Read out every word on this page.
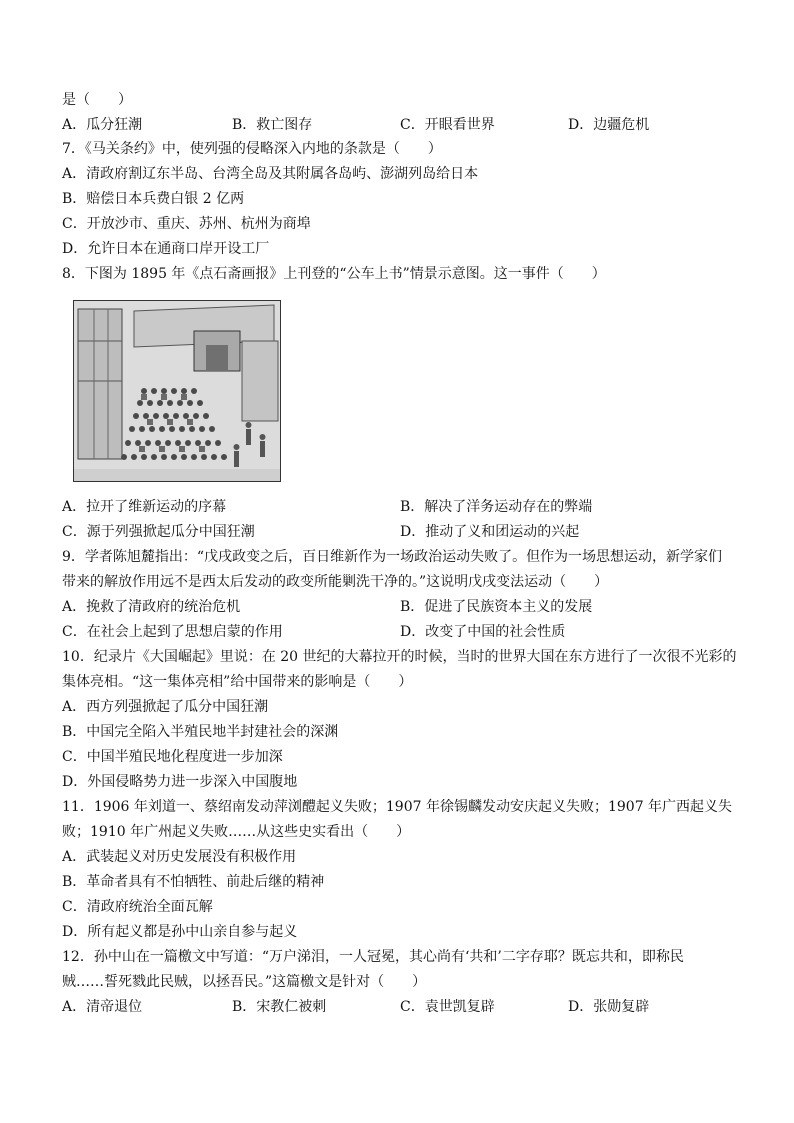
是（　　）
A．瓜分狂潮	B．救亡图存	C．开眼看世界	D．边疆危机
7．《马关条约》中，使列强的侵略深入内地的条款是（　　）
A．清政府割辽东半岛、台湾全岛及其附属各岛屿、澎湖列岛给日本
B．赔偿日本兵费白银 2 亿两
C．开放沙市、重庆、苏州、杭州为商埠
D．允许日本在通商口岸开设工厂
8．下图为 1895 年《点石斋画报》上刊登的“公车上书”情景示意图。这一事件（　　）
A．拉开了维新运动的序幕	B．解决了洋务运动存在的弊端
C．源于列强掀起瓜分中国狂潮	D．推动了义和团运动的兴起
9．学者陈旭麓指出：“戊戌政变之后，百日维新作为一场政治运动失败了。但作为一场思想运动，新学家们
带来的解放作用远不是西太后发动的政变所能剿洗干净的。”这说明戊戌变法运动（　　）
A．挽救了清政府的统治危机	B．促进了民族资本主义的发展
C．在社会上起到了思想启蒙的作用	D．改变了中国的社会性质
10．纪录片《大国崛起》里说：在 20 世纪的大幕拉开的时候，当时的世界大国在东方进行了一次很不光彩的
集体亮相。“这一集体亮相”给中国带来的影响是（　　）
A．西方列强掀起了瓜分中国狂潮
B．中国完全陷入半殖民地半封建社会的深渊
C．中国半殖民地化程度进一步加深
D．外国侵略势力进一步深入中国腹地
11．1906 年刘道一、蔡绍南发动萍浏醴起义失败；1907 年徐锡麟发动安庆起义失败；1907 年广西起义失
败；1910 年广州起义失败……从这些史实看出（　　）
A．武装起义对历史发展没有积极作用
B．革命者具有不怕牺牲、前赴后继的精神
C．清政府统治全面瓦解
D．所有起义都是孙中山亲自参与起义
12．孙中山在一篇檄文中写道：“万户涕泪，一人冠冕，其心尚有‘共和’二字存耶？既忘共和，即称民
贼……誓死戮此民贼，以拯吾民。”这篇檄文是针对（　　）
A．清帝退位	B．宋教仁被刺	C．袁世凯复辟	D．张勋复辟
